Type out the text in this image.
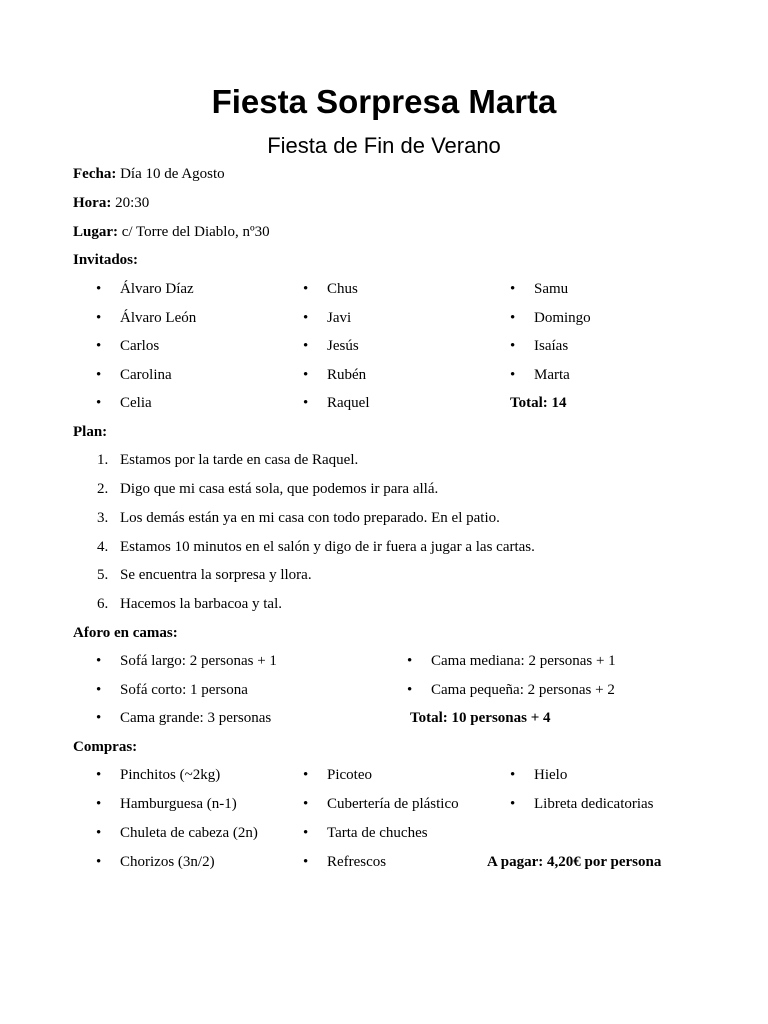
Fiesta Sorpresa Marta
Fiesta de Fin de Verano
Fecha: Día 10 de Agosto
Hora: 20:30
Lugar: c/ Torre del Diablo, nº30
Invitados:
• Álvaro Díaz
• Álvaro León
• Carlos
• Carolina
• Celia
• Chus
• Javi
• Jesús
• Rubén
• Raquel
• Samu
• Domingo
• Isaías
• Marta
Total: 14
Plan:
1. Estamos por la tarde en casa de Raquel.
2. Digo que mi casa está sola, que podemos ir para allá.
3. Los demás están ya en mi casa con todo preparado. En el patio.
4. Estamos 10 minutos en el salón y digo de ir fuera a jugar a las cartas.
5. Se encuentra la sorpresa y llora.
6. Hacemos la barbacoa y tal.
Aforo en camas:
• Sofá largo: 2 personas + 1
• Sofá corto: 1 persona
• Cama grande: 3 personas
• Cama mediana: 2 personas + 1
• Cama pequeña: 2 personas + 2
Total: 10 personas + 4
Compras:
• Pinchitos (~2kg)
• Hamburguesa (n-1)
• Chuleta de cabeza (2n)
• Chorizos (3n/2)
• Picoteo
• Cubertería de plástico
• Tarta de chuches
• Refrescos
• Hielo
• Libreta dedicatorias
A pagar: 4,20€ por persona
